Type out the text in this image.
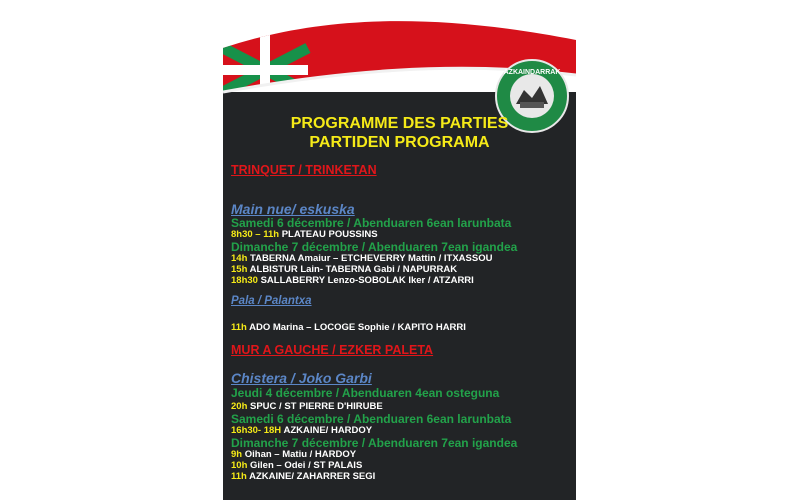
AZKAINDARRAK
PROGRAMME DES PARTIES
PARTIDEN PROGRAMA
TRINQUET / TRINKETAN
Main nue/ eskuska
Samedi 6 décembre / Abenduaren 6ean larunbata
8h30 – 11h PLATEAU POUSSINS
Dimanche 7 décembre / Abenduaren 7ean igandea
14h TABERNA Amaiur – ETCHEVERRY Mattin / ITXASSOU
15h ALBISTUR Lain- TABERNA Gabi / NAPURRAK
18h30 SALLABERRY Lenzo-SOBOLAK Iker / ATZARRI
Pala / Palantxa
11h ADO Marina – LOCOGE Sophie / KAPITO HARRI
MUR A GAUCHE / EZKER PALETA
Chistera / Joko Garbi
Jeudi 4 décembre / Abenduaren 4ean osteguna
20h SPUC / ST PIERRE D'HIRUBE
Samedi 6 décembre / Abenduaren 6ean larunbata
16h30- 18H AZKAINE/ HARDOY
Dimanche 7 décembre / Abenduaren 7ean igandea
9h Oihan – Matiu / HARDOY
10h Gilen – Odei / ST PALAIS
11h AZKAINE/ ZAHARRER SEGI
